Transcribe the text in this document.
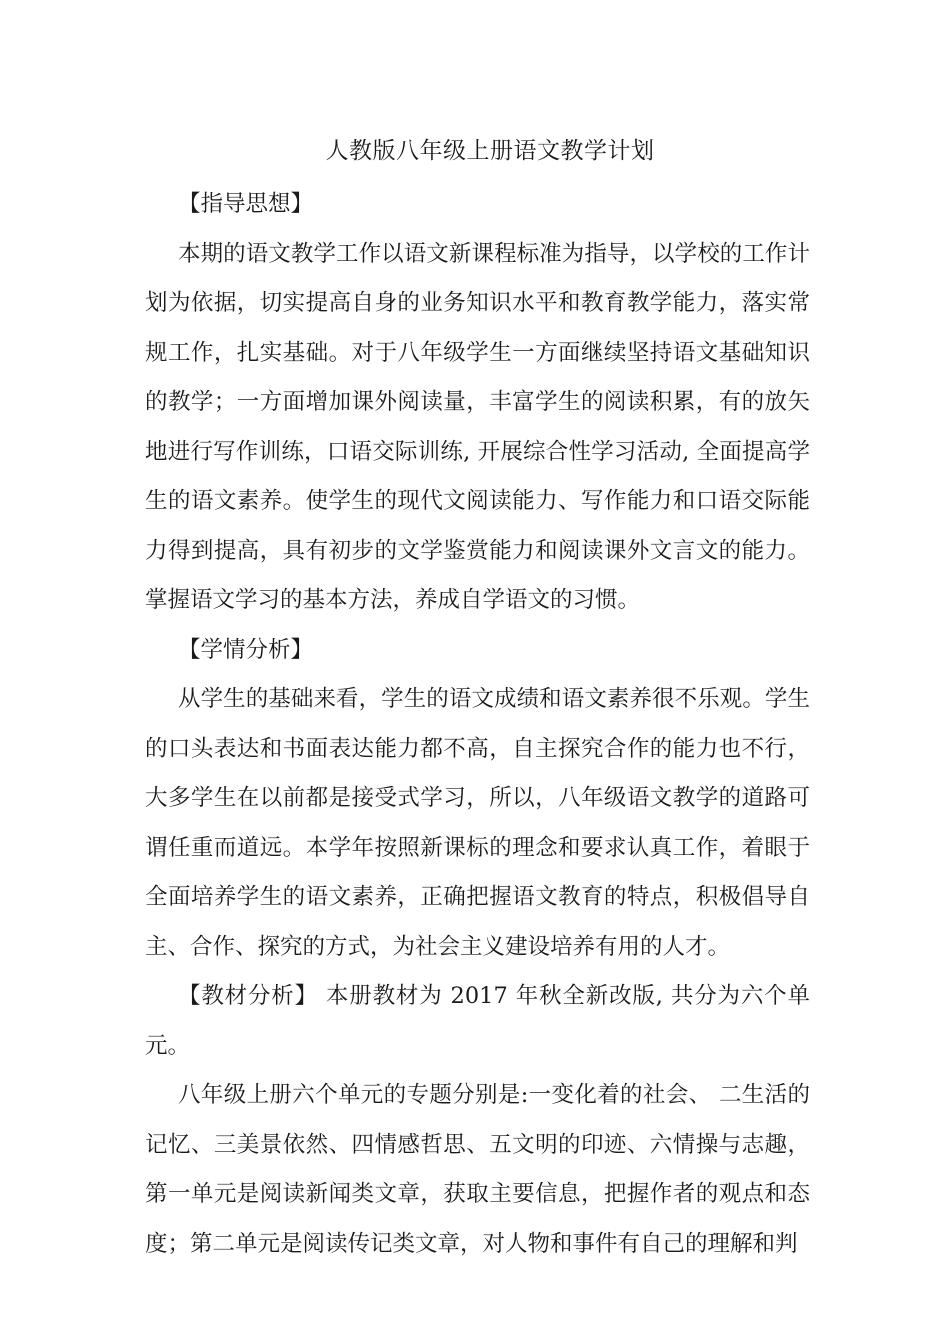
人教版八年级上册语文教学计划

【指导思想】

本期的语文教学工作以语文新课程标准为指导，以学校的工作计划为依据，切实提高自身的业务知识水平和教育教学能力，落实常规工作，扎实基础。对于八年级学生一方面继续坚持语文基础知识的教学；一方面增加课外阅读量，丰富学生的阅读积累，有的放矢地进行写作训练，口语交际训练, 开展综合性学习活动, 全面提高学生的语文素养。使学生的现代文阅读能力、写作能力和口语交际能力得到提高，具有初步的文学鉴赏能力和阅读课外文言文的能力。掌握语文学习的基本方法，养成自学语文的习惯。

【学情分析】

从学生的基础来看，学生的语文成绩和语文素养很不乐观。学生的口头表达和书面表达能力都不高，自主探究合作的能力也不行，大多学生在以前都是接受式学习，所以，八年级语文教学的道路可谓任重而道远。本学年按照新课标的理念和要求认真工作，着眼于全面培养学生的语文素养，正确把握语文教育的特点，积极倡导自主、合作、探究的方式，为社会主义建设培养有用的人才。

【教材分析】 本册教材为 2017 年秋全新改版, 共分为六个单元。

八年级上册六个单元的专题分别是:一变化着的社会、 二生活的记忆、三美景依然、四情感哲思、五文明的印迹、六情操与志趣，第一单元是阅读新闻类文章，获取主要信息，把握作者的观点和态度；第二单元是阅读传记类文章，对人物和事件有自己的理解和判
